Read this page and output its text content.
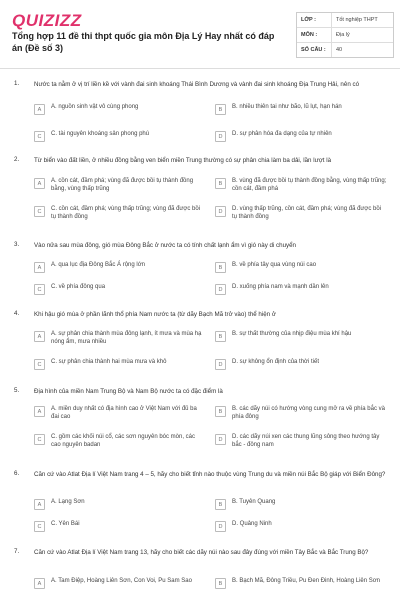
QUIZIZZ
Tổng hợp 11 đề thi thpt quốc gia môn Địa Lý Hay nhất có đáp án (Đề số 3)
LỚP :	Tốt nghiệp THPT
MÔN :	Địa lý
SỐ CÂU :	40
1. Nước ta nằm ở vị trí liền kề với vành đai sinh khoáng Thái Bình Dương và vành đai sinh khoáng Địa Trung Hải, nên có
2. Từ biển vào đất liền, ở nhiều đồng bằng ven biển miền Trung thường có sự phân chia làm ba dải, lần lượt là
3. Vào nửa sau mùa đông, gió mùa Đông Bắc ở nước ta có tính chất lạnh ẩm vì gió này di chuyển
4. Khi hậu gió mùa ở phần lãnh thổ phía Nam nước ta (từ dãy Bạch Mã trở vào) thể hiện ở
5. Địa hình của miền Nam Trung Bộ và Nam Bộ nước ta có đặc điểm là
6. Căn cứ vào Atlat Địa lí Việt Nam trang 4 – 5, hãy cho biết tỉnh nào thuộc vùng Trung du và miền núi Bắc Bộ giáp với Biển Đông?
7. Căn cứ vào Atlat Địa lí Việt Nam trang 13, hãy cho biết các dãy núi nào sau đây đúng với miền Tây Bắc và Bắc Trung Bộ?
A	A. nguồn sinh vật vô cùng phong	B	B. nhiều thiên tai như bão, lũ lụt, hạn hán
C	C. tài nguyên khoáng sản phong phú	D	D. sự phân hóa đa dạng của tự nhiên
A	A. cồn cát, đầm phá; vùng đã được bồi tụ thành đồng bằng, vùng thấp trũng
B	B. vùng đã được bồi tụ thành đồng bằng, vùng thấp trũng; cồn cát, đầm phá
C	C. cồn cát, đầm phá; vùng thấp trũng; vùng đã được bồi tụ thành đồng
D	D. vùng thấp trũng, cồn cát, đầm phá; vùng đã được bồi tụ thành đồng
A	A. qua lục địa Đông Bắc Á rộng lớn	B	B. về phía tây qua vùng núi cao
C	C. về phía đông qua	D	D. xuống phía nam và mạnh dần lên
A	A. sự phân chia thành mùa đông lạnh, ít mưa và mùa hạ nóng ẩm, mưa nhiều
B	B. sự thất thường của nhịp điệu mùa khí hậu
C	C. sự phân chia thành hai mùa mưa và khô	D	D. sự không ổn định của thời tiết
A	A. miền duy nhất có địa hình cao ở Việt Nam với đủ ba đai cao
B	B. các dãy núi có hướng vòng cung mở ra về phía bắc và phía đông
C	C. gồm các khối núi cổ, các sơn nguyên bóc mòn, các cao nguyên badan
D	D. các dãy núi xen các thung lũng sông theo hướng tây bắc - đông nam
A	A. Lạng Sơn	B	B. Tuyên Quang
C	C. Yên Bái	D	D. Quảng Ninh
A	A. Tam Điệp, Hoàng Liên Sơn, Con Voi, Pu Sam Sao	B	B. Bạch Mã, Đông Triều, Pu Đen Đinh, Hoàng Liên Sơn
